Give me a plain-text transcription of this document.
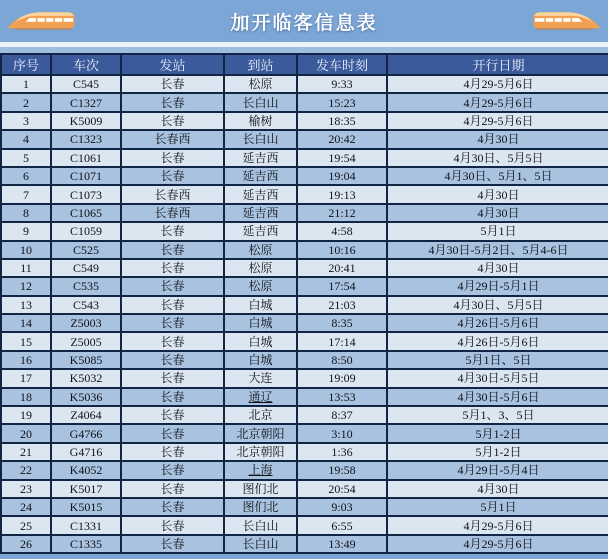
加开临客信息表
序号	车次	发站	到站	发车时刻	开行日期
1	C545	长春	松原	9:33	4月29-5月6日
2	C1327	长春	长白山	15:23	4月29-5月6日
3	K5009	长春	榆树	18:35	4月29-5月6日
4	C1323	长春西	长白山	20:42	4月30日
5	C1061	长春	延吉西	19:54	4月30日、5月5日
6	C1071	长春	延吉西	19:04	4月30日、5月1、5日
7	C1073	长春西	延吉西	19:13	4月30日
8	C1065	长春西	延吉西	21:12	4月30日
9	C1059	长春	延吉西	4:58	5月1日
10	C525	长春	松原	10:16	4月30日-5月2日、5月4-6日
11	C549	长春	松原	20:41	4月30日
12	C535	长春	松原	17:54	4月29日-5月1日
13	C543	长春	白城	21:03	4月30日、5月5日
14	Z5003	长春	白城	8:35	4月26日-5月6日
15	Z5005	长春	白城	17:14	4月26日-5月6日
16	K5085	长春	白城	8:50	5月1日、5日
17	K5032	长春	大连	19:09	4月30日-5月5日
18	K5036	长春	通辽	13:53	4月30日-5月6日
19	Z4064	长春	北京	8:37	5月1、3、5日
20	G4766	长春	北京朝阳	3:10	5月1-2日
21	G4716	长春	北京朝阳	1:36	5月1-2日
22	K4052	长春	上海	19:58	4月29日-5月4日
23	K5017	长春	图们北	20:54	4月30日
24	K5015	长春	图们北	9:03	5月1日
25	C1331	长春	长白山	6:55	4月29-5月6日
26	C1335	长春	长白山	13:49	4月29-5月6日
